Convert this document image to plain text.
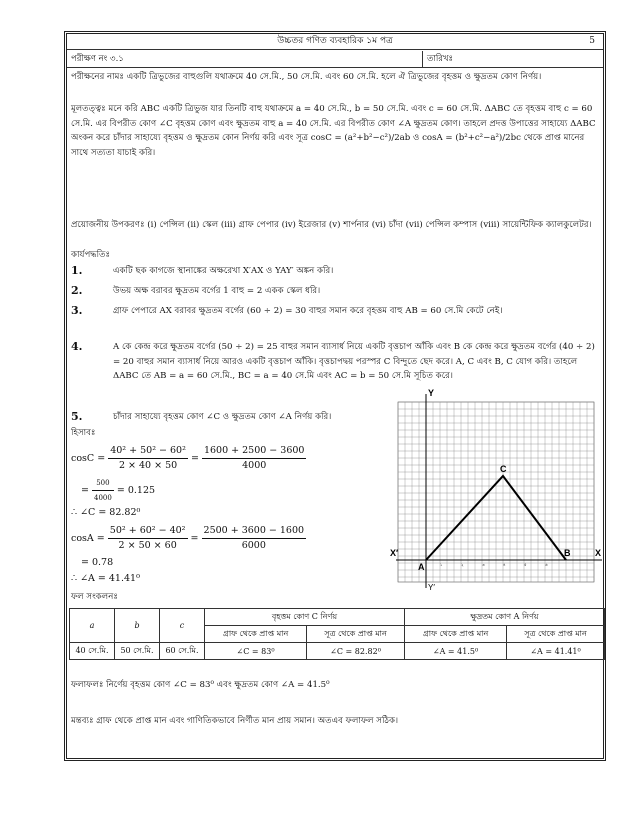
উচ্চতর গণিত ব্যবহারিক ১ম পত্র	5
পরীক্ষণ নং ৩.১	তারিখঃ
পরীক্ষনের নামঃ একটি ত্রিভুজের বাহুগুলি যথাক্রমে 40 সে.মি., 50 সে.মি. এবং 60 সে.মি. হলে ঐ ত্রিভুজের বৃহত্তম ও ক্ষুদ্রতম কোণ নির্ণয়।
মূলতত্ত্বঃ মনে করি ABC একটি ত্রিভুজ যার তিনটি বাহু যথাক্রমে a = 40 সে.মি., b = 50 সে.মি. এবং c = 60 সে.মি. ΔABC তে বৃহত্তম বাহু c = 60 সে.মি. এর বিপরীত কোণ ∠C বৃহত্তম কোণ এবং ক্ষুদ্রতম বাহু a = 40 সে.মি. এর বিপরীত কোণ ∠A ক্ষুদ্রতম কোণ। তাহলে প্রদত্ত উপাত্তের সাহায্যে ΔABC অংকন করে চাঁদার সাহায্যে বৃহত্তম ও ক্ষুদ্রতম কোন নির্ণয় করি এবং সূত্র cosC = (a²+b²−c²)/2ab ও cosA = (b²+c²−a²)/2bc থেকে প্রাপ্ত মানের সাথে সত্যতা যাচাই করি।
প্রয়োজনীয় উপকরণঃ (i) পেন্সিল (ii) স্কেল (iii) গ্রাফ পেপার (iv) ইরেজার (v) শার্পনার (vi) চাঁদা (vii) পেন্সিল কম্পাস (viii) সায়েন্টিফিক ক্যালকুলেটর।
কার্যপদ্ধতিঃ
1.	একটি ছক কাগজে স্থানাঙ্কের অক্ষরেখা X′AX ও YAY′ অঙ্কন করি।
2.	উভয় অক্ষ বরাবর ক্ষুদ্রতম বর্গের 1 বাহু = 2 একক স্কেল ধরি।
3.	গ্রাফ পেপারে AX বরাবর ক্ষুদ্রতম বর্গের (60 ÷ 2) = 30 বাহুর সমান করে বৃহত্তম বাহু AB = 60 সে.মি কেটে নেই।
4.	A কে কেন্দ্র করে ক্ষুদ্রতম বর্গের (50 ÷ 2) = 25 বাহুর সমান ব্যাসার্ধ নিয়ে একটি বৃত্তচাপ আঁকি এবং B কে কেন্দ্র করে ক্ষুদ্রতম বর্গের (40 ÷ 2) = 20 বাহুর সমান ব্যাসার্ধ নিয়ে আরও একটি বৃত্তচাপ আঁকি। বৃত্তচাপদ্বয় পরস্পর C বিন্দুতে ছেদ করে। A, C এবং B, C যোগ করি। তাহলে ΔABC তে AB = a = 60 সে.মি., BC = a = 40 সে.মি এবং AC = b = 50 সে.মি সূচিত করে।
5.	চাঁদার সাহায্যে বৃহত্তম কোণ ∠C ও ক্ষুদ্রতম কোণ ∠A নির্ণয় করি।
হিসাবঃ
$\cos C = \frac{\text{40² + 50² − 60²}}{2 \times 40 \times 50} = \frac{1600 + 2500 - 3600}{4000}$
= $\frac{500}{4000} = 0.125$
∴ ∠C = 82.82⁰
$\cos A = \frac{\text{50² + 60² − 40²}}{2 \times 50 \times 60} = \frac{2500 + 3600 - 1600}{6000}$
= 0.78
∴ ∠A = 41.41⁰
ফল সংকলনঃ
a	b	c	বৃহত্তম কোণ C নির্ণয়		ক্ষুদ্রতম কোণ A নির্ণয়	
			গ্রাফ থেকে প্রাপ্ত মান	সূত্র থেকে প্রাপ্ত মান	গ্রাফ থেকে প্রাপ্ত মান	সূত্র থেকে প্রাপ্ত মান
40 সে.মি.	50 সে.মি.	60 সে.মি.	∠C = 83⁰	∠C = 82.82⁰	∠A = 41.5⁰	∠A = 41.41⁰
ফলাফলঃ নির্ণেয় বৃহত্তম কোণ ∠C = 83⁰ এবং ক্ষুদ্রতম কোণ ∠A = 41.5⁰
মন্তব্যঃ গ্রাফ থেকে প্রাপ্ত মান এবং গাণিতিকভাবে নির্ণীত মান প্রায় সমান। অতএব ফলাফল সঠিক।
Y
Y′
X
X′
A
C
B
১	২	৩	৪	৫	৬
